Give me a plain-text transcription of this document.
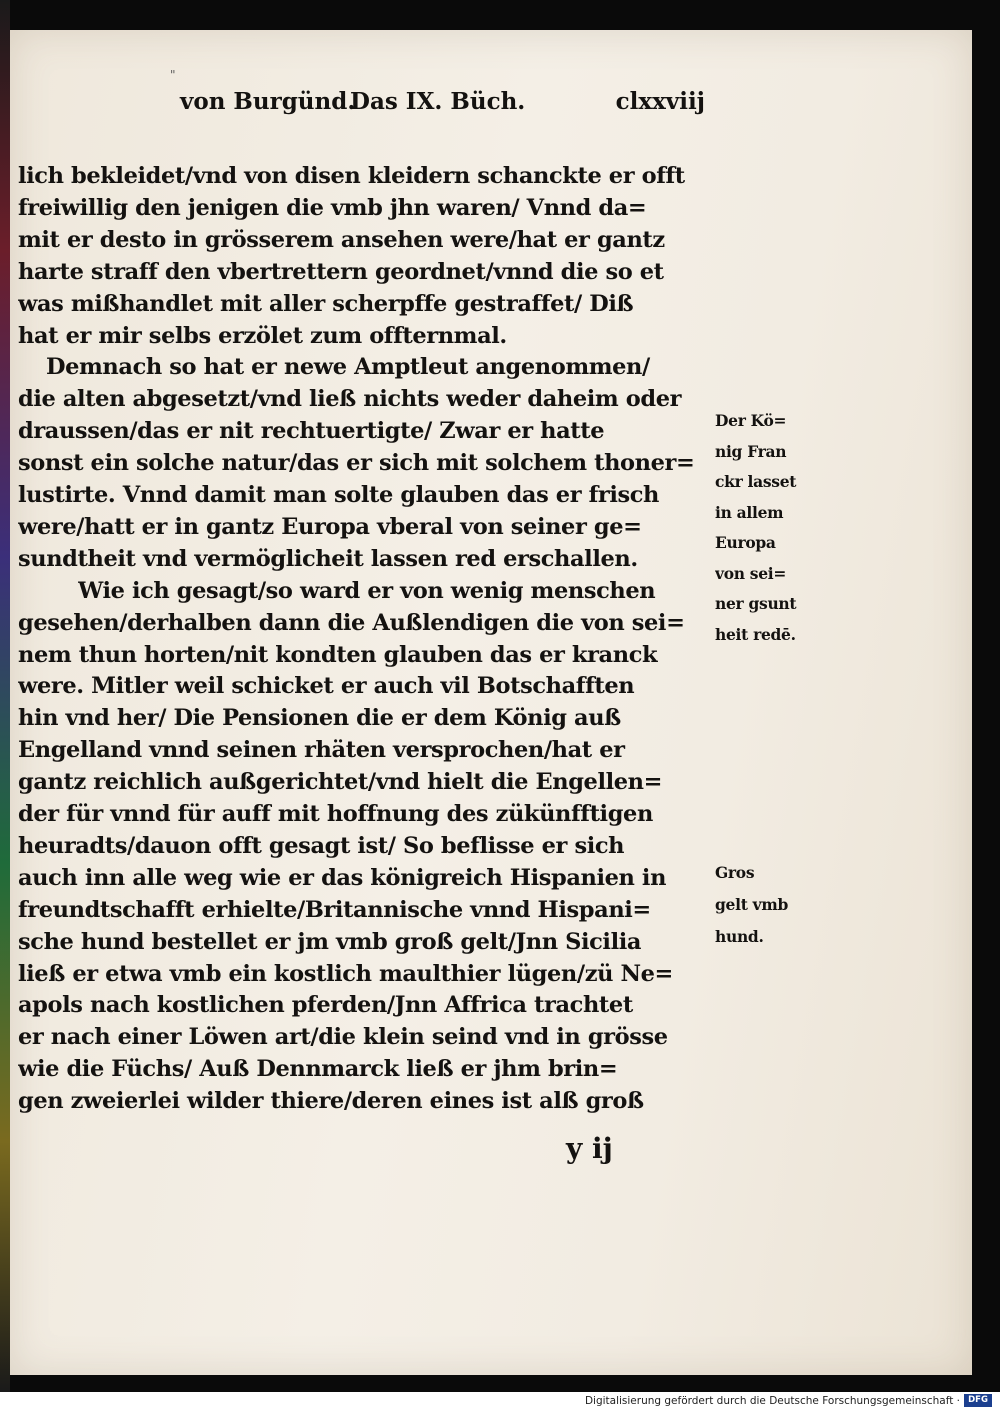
"
von Burgünd.
Das IX. Büch.	clxxviij
lich bekleidet/vnd von disen kleidern schanckte er offt
freiwillig den jenigen die vmb jhn waren/ Vnnd da=
mit er desto in grösserem ansehen were/hat er gantz
harte straff den vbertrettern geordnet/vnnd die so et
was mißhandlet mit aller scherpffe gestraffet/ Diß
hat er mir selbs erzölet zum offternmal.
Demnach so hat er newe Amptleut angenommen/
die alten abgesetzt/vnd ließ nichts weder daheim oder
draussen/das er nit rechtuertigte/ Zwar er hatte
sonst ein solche natur/das er sich mit solchem thoner=
lustirte. Vnnd damit man solte glauben das er frisch
were/hatt er in gantz Europa vberal von seiner ge=
sundtheit vnd vermöglicheit lassen red erschallen.
Wie ich gesagt/so ward er von wenig menschen
gesehen/derhalben dann die Außlendigen die von sei=
nem thun horten/nit kondten glauben das er kranck
were. Mitler weil schicket er auch vil Botschafften
hin vnd her/ Die Pensionen die er dem König auß
Engelland vnnd seinen rhäten versprochen/hat er
gantz reichlich außgerichtet/vnd hielt die Engellen=
der für vnnd für auff mit hoffnung des zükünfftigen
heuradts/dauon offt gesagt ist/ So beflisse er sich
auch inn alle weg wie er das königreich Hispanien in
freundtschafft erhielte/Britannische vnnd Hispani=
sche hund bestellet er jm vmb groß gelt/Jnn Sicilia
ließ er etwa vmb ein kostlich maulthier lügen/zü Ne=
apols nach kostlichen pferden/Jnn Affrica trachtet
er nach einer Löwen art/die klein seind vnd in grösse
wie die Füchs/ Auß Dennmarck ließ er jhm brin=
gen zweierlei wilder thiere/deren eines ist alß groß
Der Kö=
nig Fran
ckr lasset
in allem
Europa
von sei=
ner gsunt
heit redē.
Gros
gelt vmb
hund.
y ij
Digitalisierung gefördert durch die Deutsche Forschungsgemeinschaft · DFG
